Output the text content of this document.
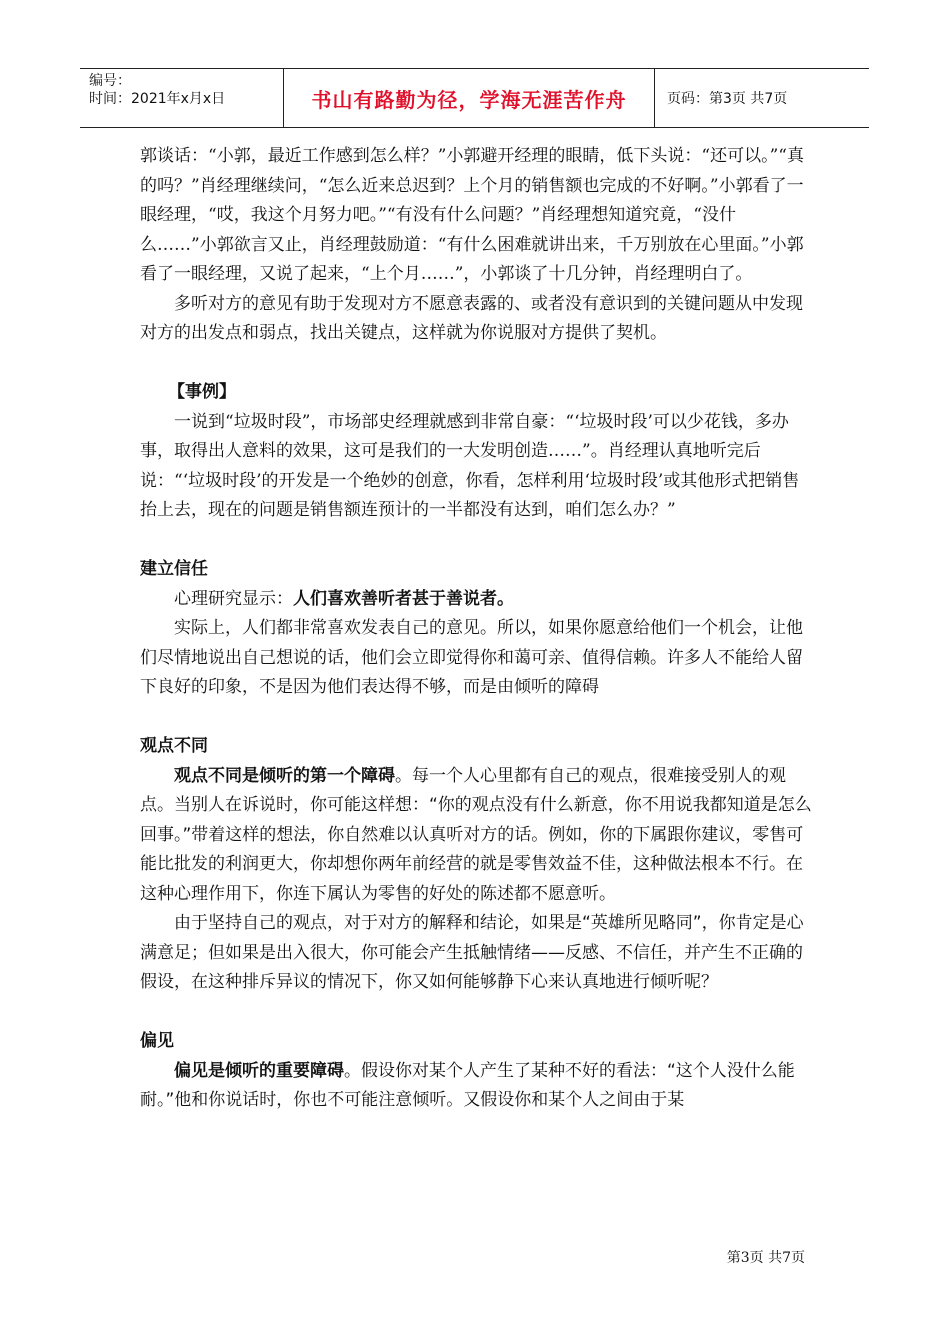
编号：
时间：2021年x月x日	书山有路勤为径，学海无涯苦作舟	页码：第3页 共7页

郭谈话：“小郭，最近工作感到怎么样？”小郭避开经理的眼睛，低下头说：“还可以。”“真的吗？”肖经理继续问，“怎么近来总迟到？上个月的销售额也完成的不好啊。”小郭看了一眼经理，“哎，我这个月努力吧。”“有没有什么问题？”肖经理想知道究竟，“没什么……”小郭欲言又止，肖经理鼓励道：“有什么困难就讲出来，千万别放在心里面。”小郭看了一眼经理，又说了起来，“上个月……”，小郭谈了十几分钟，肖经理明白了。

多听对方的意见有助于发现对方不愿意表露的、或者没有意识到的关键问题从中发现对方的出发点和弱点，找出关键点，这样就为你说服对方提供了契机。

【事例】

一说到“垃圾时段”，市场部史经理就感到非常自豪：“‘垃圾时段’可以少花钱，多办事，取得出人意料的效果，这可是我们的一大发明创造……”。肖经理认真地听完后说：“‘垃圾时段’的开发是一个绝妙的创意，你看，怎样利用‘垃圾时段’或其他形式把销售抬上去，现在的问题是销售额连预计的一半都没有达到，咱们怎么办？”

建立信任

心理研究显示：人们喜欢善听者甚于善说者。

实际上，人们都非常喜欢发表自己的意见。所以，如果你愿意给他们一个机会，让他们尽情地说出自己想说的话，他们会立即觉得你和蔼可亲、值得信赖。许多人不能给人留下良好的印象，不是因为他们表达得不够，而是由倾听的障碍

观点不同

观点不同是倾听的第一个障碍。每一个人心里都有自己的观点，很难接受别人的观点。当别人在诉说时，你可能这样想：“你的观点没有什么新意，你不用说我都知道是怎么回事。”带着这样的想法，你自然难以认真听对方的话。例如，你的下属跟你建议，零售可能比批发的利润更大，你却想你两年前经营的就是零售效益不佳，这种做法根本不行。在这种心理作用下，你连下属认为零售的好处的陈述都不愿意听。

由于坚持自己的观点，对于对方的解释和结论，如果是“英雄所见略同”，你肯定是心满意足；但如果是出入很大，你可能会产生抵触情绪——反感、不信任，并产生不正确的假设，在这种排斥异议的情况下，你又如何能够静下心来认真地进行倾听呢？

偏见

偏见是倾听的重要障碍。假设你对某个人产生了某种不好的看法：“这个人没什么能耐。”他和你说话时，你也不可能注意倾听。又假设你和某个人之间由于某

第3页 共7页
